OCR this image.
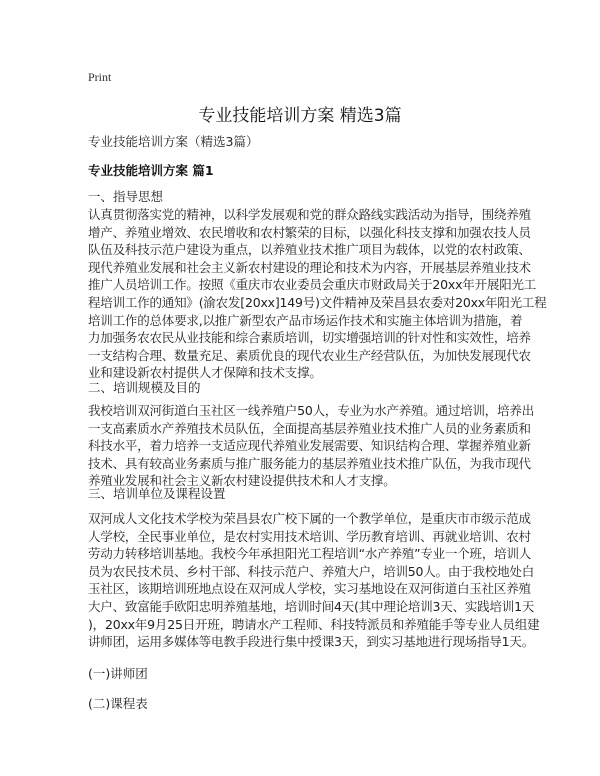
Print
专业技能培训方案 精选3篇
专业技能培训方案（精选3篇）
专业技能培训方案 篇1
一、指导思想
认真贯彻落实党的精神，以科学发展观和党的群众路线实践活动为指导，围绕养殖
增产、养殖业增效、农民增收和农村繁荣的目标，以强化科技支撑和加强农技人员
队伍及科技示范户建设为重点，以养殖业技术推广项目为载体，以党的农村政策、
现代养殖业发展和社会主义新农村建设的理论和技术为内容，开展基层养殖业技术
推广人员培训工作。按照《重庆市农业委员会重庆市财政局关于20xx年开展阳光工
程培训工作的通知》(渝农发[20xx]149号)文件精神及荣昌县农委对20xx年阳光工程
培训工作的总体要求,以推广新型农产品市场运作技术和实施主体培训为措施，着
力加强务农农民从业技能和综合素质培训，切实增强培训的针对性和实效性，培养
一支结构合理、数量充足、素质优良的现代农业生产经营队伍，为加快发展现代农
业和建设新农村提供人才保障和技术支撑。
二、培训规模及目的
我校培训双河街道白玉社区一线养殖户50人，专业为水产养殖。通过培训，培养出
一支高素质水产养殖技术员队伍，全面提高基层养殖业技术推广人员的业务素质和
科技水平，着力培养一支适应现代养殖业发展需要、知识结构合理、掌握养殖业新
技术、具有较高业务素质与推广服务能力的基层养殖业技术推广队伍，为我市现代
养殖业发展和社会主义新农村建设提供技术和人才支撑。
三、培训单位及课程设置
双河成人文化技术学校为荣昌县农广校下属的一个教学单位，是重庆市市级示范成
人学校，全民事业单位，是农村实用技术培训、学历教育培训、再就业培训、农村
劳动力转移培训基地。我校今年承担阳光工程培训“水产养殖”专业一个班，培训人
员为农民技术员、乡村干部、科技示范户、养殖大户，培训50人。由于我校地处白
玉社区，该期培训班地点设在双河成人学校，实习基地设在双河街道白玉社区养殖
大户、致富能手欧阳忠明养殖基地，培训时间4天(其中理论培训3天、实践培训1天
)，20xx年9月25日开班，聘请水产工程师、科技特派员和养殖能手等专业人员组建
讲师团，运用多媒体等电教手段进行集中授课3天，到实习基地进行现场指导1天。
(一)讲师团
(二)课程表
